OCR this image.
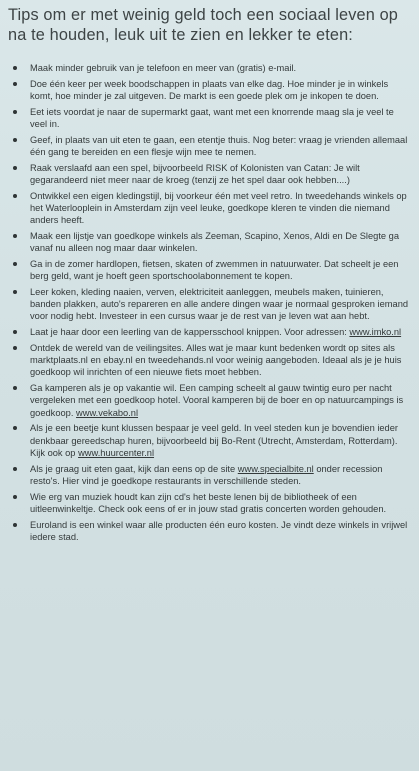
Tips om er met weinig geld toch een sociaal leven op na te houden, leuk uit te zien en lekker te eten:
Maak minder gebruik van je telefoon en meer van (gratis) e-mail.
Doe één keer per week boodschappen in plaats van elke dag. Hoe minder je in winkels komt, hoe minder je zal uitgeven. De markt is een goede plek om je inkopen te doen.
Eet iets voordat je naar de supermarkt gaat, want met een knorrende maag sla je veel te veel in.
Geef, in plaats van uit eten te gaan, een etentje thuis. Nog beter: vraag je vrienden allemaal één gang te bereiden en een flesje wijn mee te nemen.
Raak verslaafd aan een spel, bijvoorbeeld RISK of Kolonisten van Catan: Je wilt gegarandeerd niet meer naar de kroeg (tenzij ze het spel daar ook hebben....)
Ontwikkel een eigen kledingstijl, bij voorkeur één met veel retro. In tweedehands winkels op het Waterlooplein in Amsterdam zijn veel leuke, goedkope kleren te vinden die niemand anders heeft.
Maak een lijstje van goedkope winkels als Zeeman, Scapino, Xenos, Aldi en De Slegte ga vanaf nu alleen nog maar daar winkelen.
Ga in de zomer hardlopen, fietsen, skaten of zwemmen in natuurwater. Dat scheelt je een berg geld, want je hoeft geen sportschoolabonnement te kopen.
Leer koken, kleding naaien, verven, elektriciteit aanleggen, meubels maken, tuinieren, banden plakken, auto's repareren en alle andere dingen waar je normaal gesproken iemand voor nodig hebt. Investeer in een cursus waar je de rest van je leven wat aan hebt.
Laat je haar door een leerling van de kappersschool knippen. Voor adressen: www.imko.nl
Ontdek de wereld van de veilingsites. Alles wat je maar kunt bedenken wordt op sites als marktplaats.nl en ebay.nl en tweedehands.nl voor weinig aangeboden. Ideaal als je je huis goedkoop wil inrichten of een nieuwe fiets moet hebben.
Ga kamperen als je op vakantie wil. Een camping scheelt al gauw twintig euro per nacht vergeleken met een goedkoop hotel. Vooral kamperen bij de boer en op natuurcampings is goedkoop. www.vekabo.nl
Als je een beetje kunt klussen bespaar je veel geld. In veel steden kun je bovendien ieder denkbaar gereedschap huren, bijvoorbeeld bij Bo-Rent (Utrecht, Amsterdam, Rotterdam). Kijk ook op www.huurcenter.nl
Als je graag uit eten gaat, kijk dan eens op de site www.specialbite.nl onder recession resto's. Hier vind je goedkope restaurants in verschillende steden.
Wie erg van muziek houdt kan zijn cd's het beste lenen bij de bibliotheek of een uitleenwinkeltje. Check ook eens of er in jouw stad gratis concerten worden gehouden.
Euroland is een winkel waar alle producten één euro kosten. Je vindt deze winkels in vrijwel iedere stad.
